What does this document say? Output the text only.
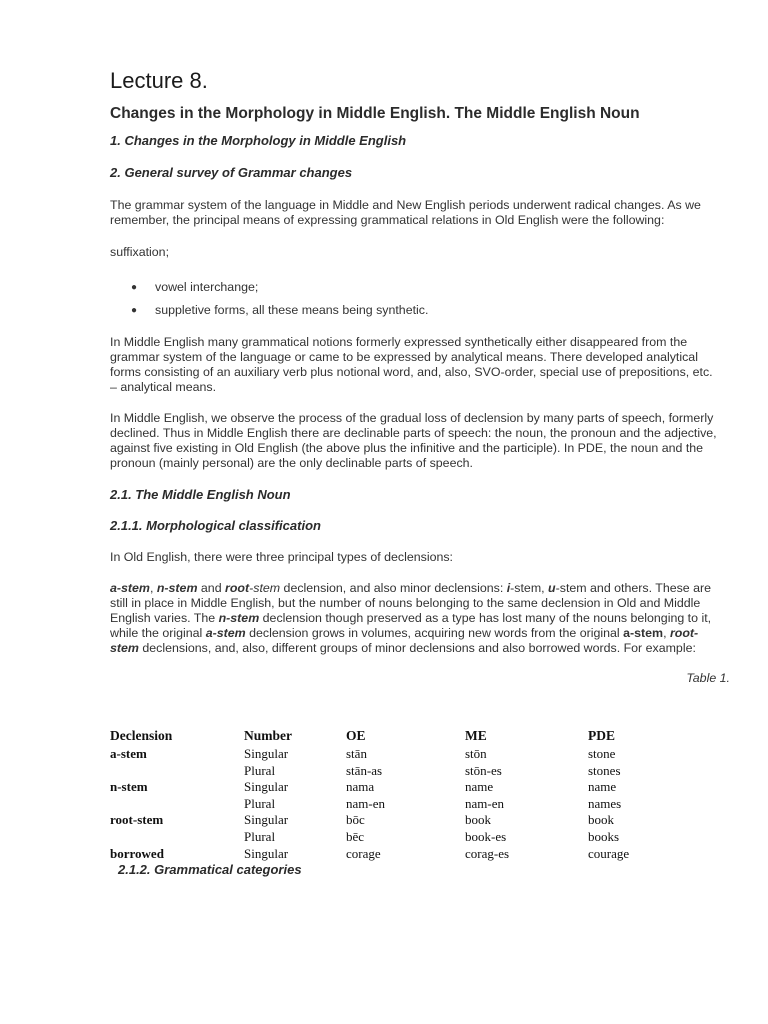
Lecture 8.
Changes in the Morphology in Middle English. The Middle English Noun
1. Changes in the Morphology in Middle English
2. General survey of Grammar changes
The grammar system of the language in Middle and New English periods underwent radical changes. As we remember, the principal means of expressing grammatical relations in Old English were the following:
suffixation;
● vowel interchange;
● suppletive forms, all these means being synthetic.
In Middle English many grammatical notions formerly expressed synthetically either disappeared from the grammar system of the language or came to be expressed by analytical means. There developed analytical forms consisting of an auxiliary verb plus notional word, and, also, SVO-order, special use of prepositions, etc. – analytical means.
In Middle English, we observe the process of the gradual loss of declension by many parts of speech, formerly declined. Thus in Middle English there are declinable parts of speech: the noun, the pronoun and the adjective, against five existing in Old English (the above plus the infinitive and the participle). In PDE, the noun and the pronoun (mainly personal) are the only declinable parts of speech.
2.1. The Middle English Noun
2.1.1. Morphological classification
In Old English, there were three principal types of declensions:
a-stem, n-stem and root-stem declension, and also minor declensions: i-stem, u-stem and others. These are still in place in Middle English, but the number of nouns belonging to the same declension in Old and Middle English varies. The n-stem declension though preserved as a type has lost many of the nouns belonging to it, while the original a-stem declension grows in volumes, acquiring new words from the original a-stem, root-stem declensions, and, also, different groups of minor declensions and also borrowed words. For example:
Table 1.
Declension	Number	OE	ME	PDE
a-stem	Singular	stān	stōn	stone
	Plural	stān-as	stōn-es	stones
n-stem	Singular	nama	name	name
	Plural	nam-en	nam-en	names
root-stem	Singular	bōc	book	book
	Plural	bēc	book-es	books
borrowed	Singular	corage	corag-es	courage
2.1.2. Grammatical categories
